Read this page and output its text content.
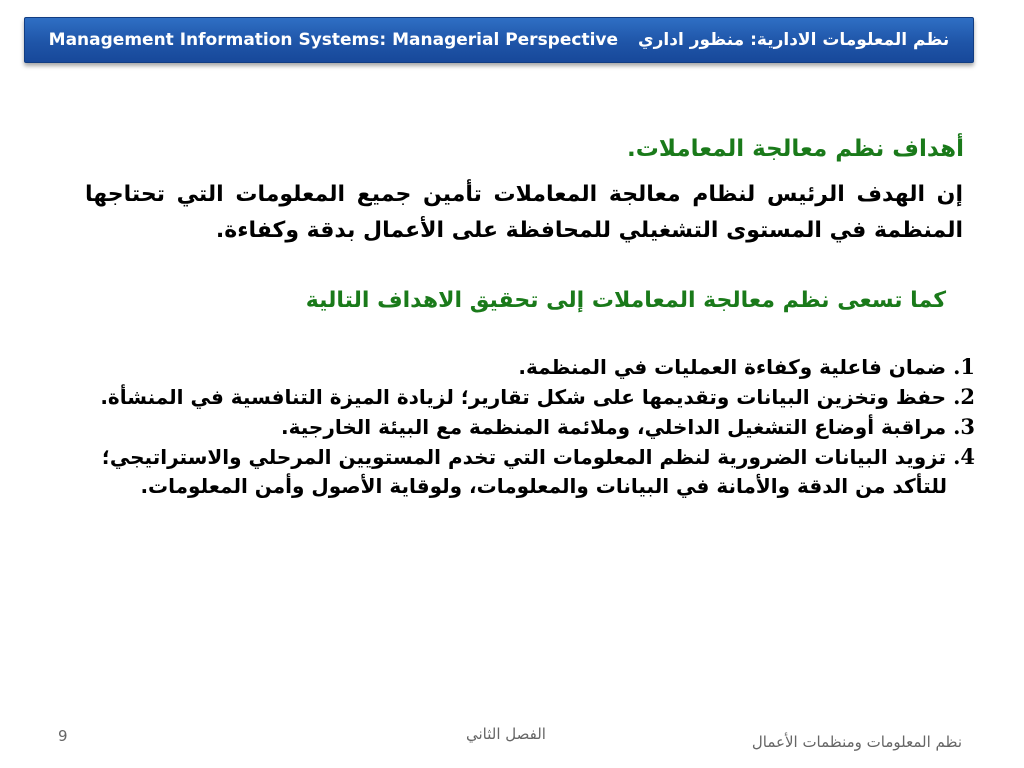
Management Information Systems: Managerial Perspective نظم المعلومات الادارية: منظور اداري
أهداف نظم معالجة المعاملات.
إن الهدف الرئيس لنظام معالجة المعاملات تأمين جميع المعلومات التي تحتاجها المنظمة في المستوى التشغيلي للمحافظة على الأعمال بدقة وكفاءة.
كما تسعى نظم معالجة المعاملات إلى تحقيق الاهداف التالية
1. ضمان فاعلية وكفاءة العمليات في المنظمة.
2. حفظ وتخزين البيانات وتقديمها على شكل تقارير؛ لزيادة الميزة التنافسية في المنشأة.
3. مراقبة أوضاع التشغيل الداخلي، وملائمة المنظمة مع البيئة الخارجية.
4. تزويد البيانات الضرورية لنظم المعلومات التي تخدم المستويين المرحلي والاستراتيجي؛
للتأكد من الدقة والأمانة في البيانات والمعلومات، ولوقاية الأصول وأمن المعلومات.
9	الفصل الثاني	نظم المعلومات ومنظمات الأعمال
